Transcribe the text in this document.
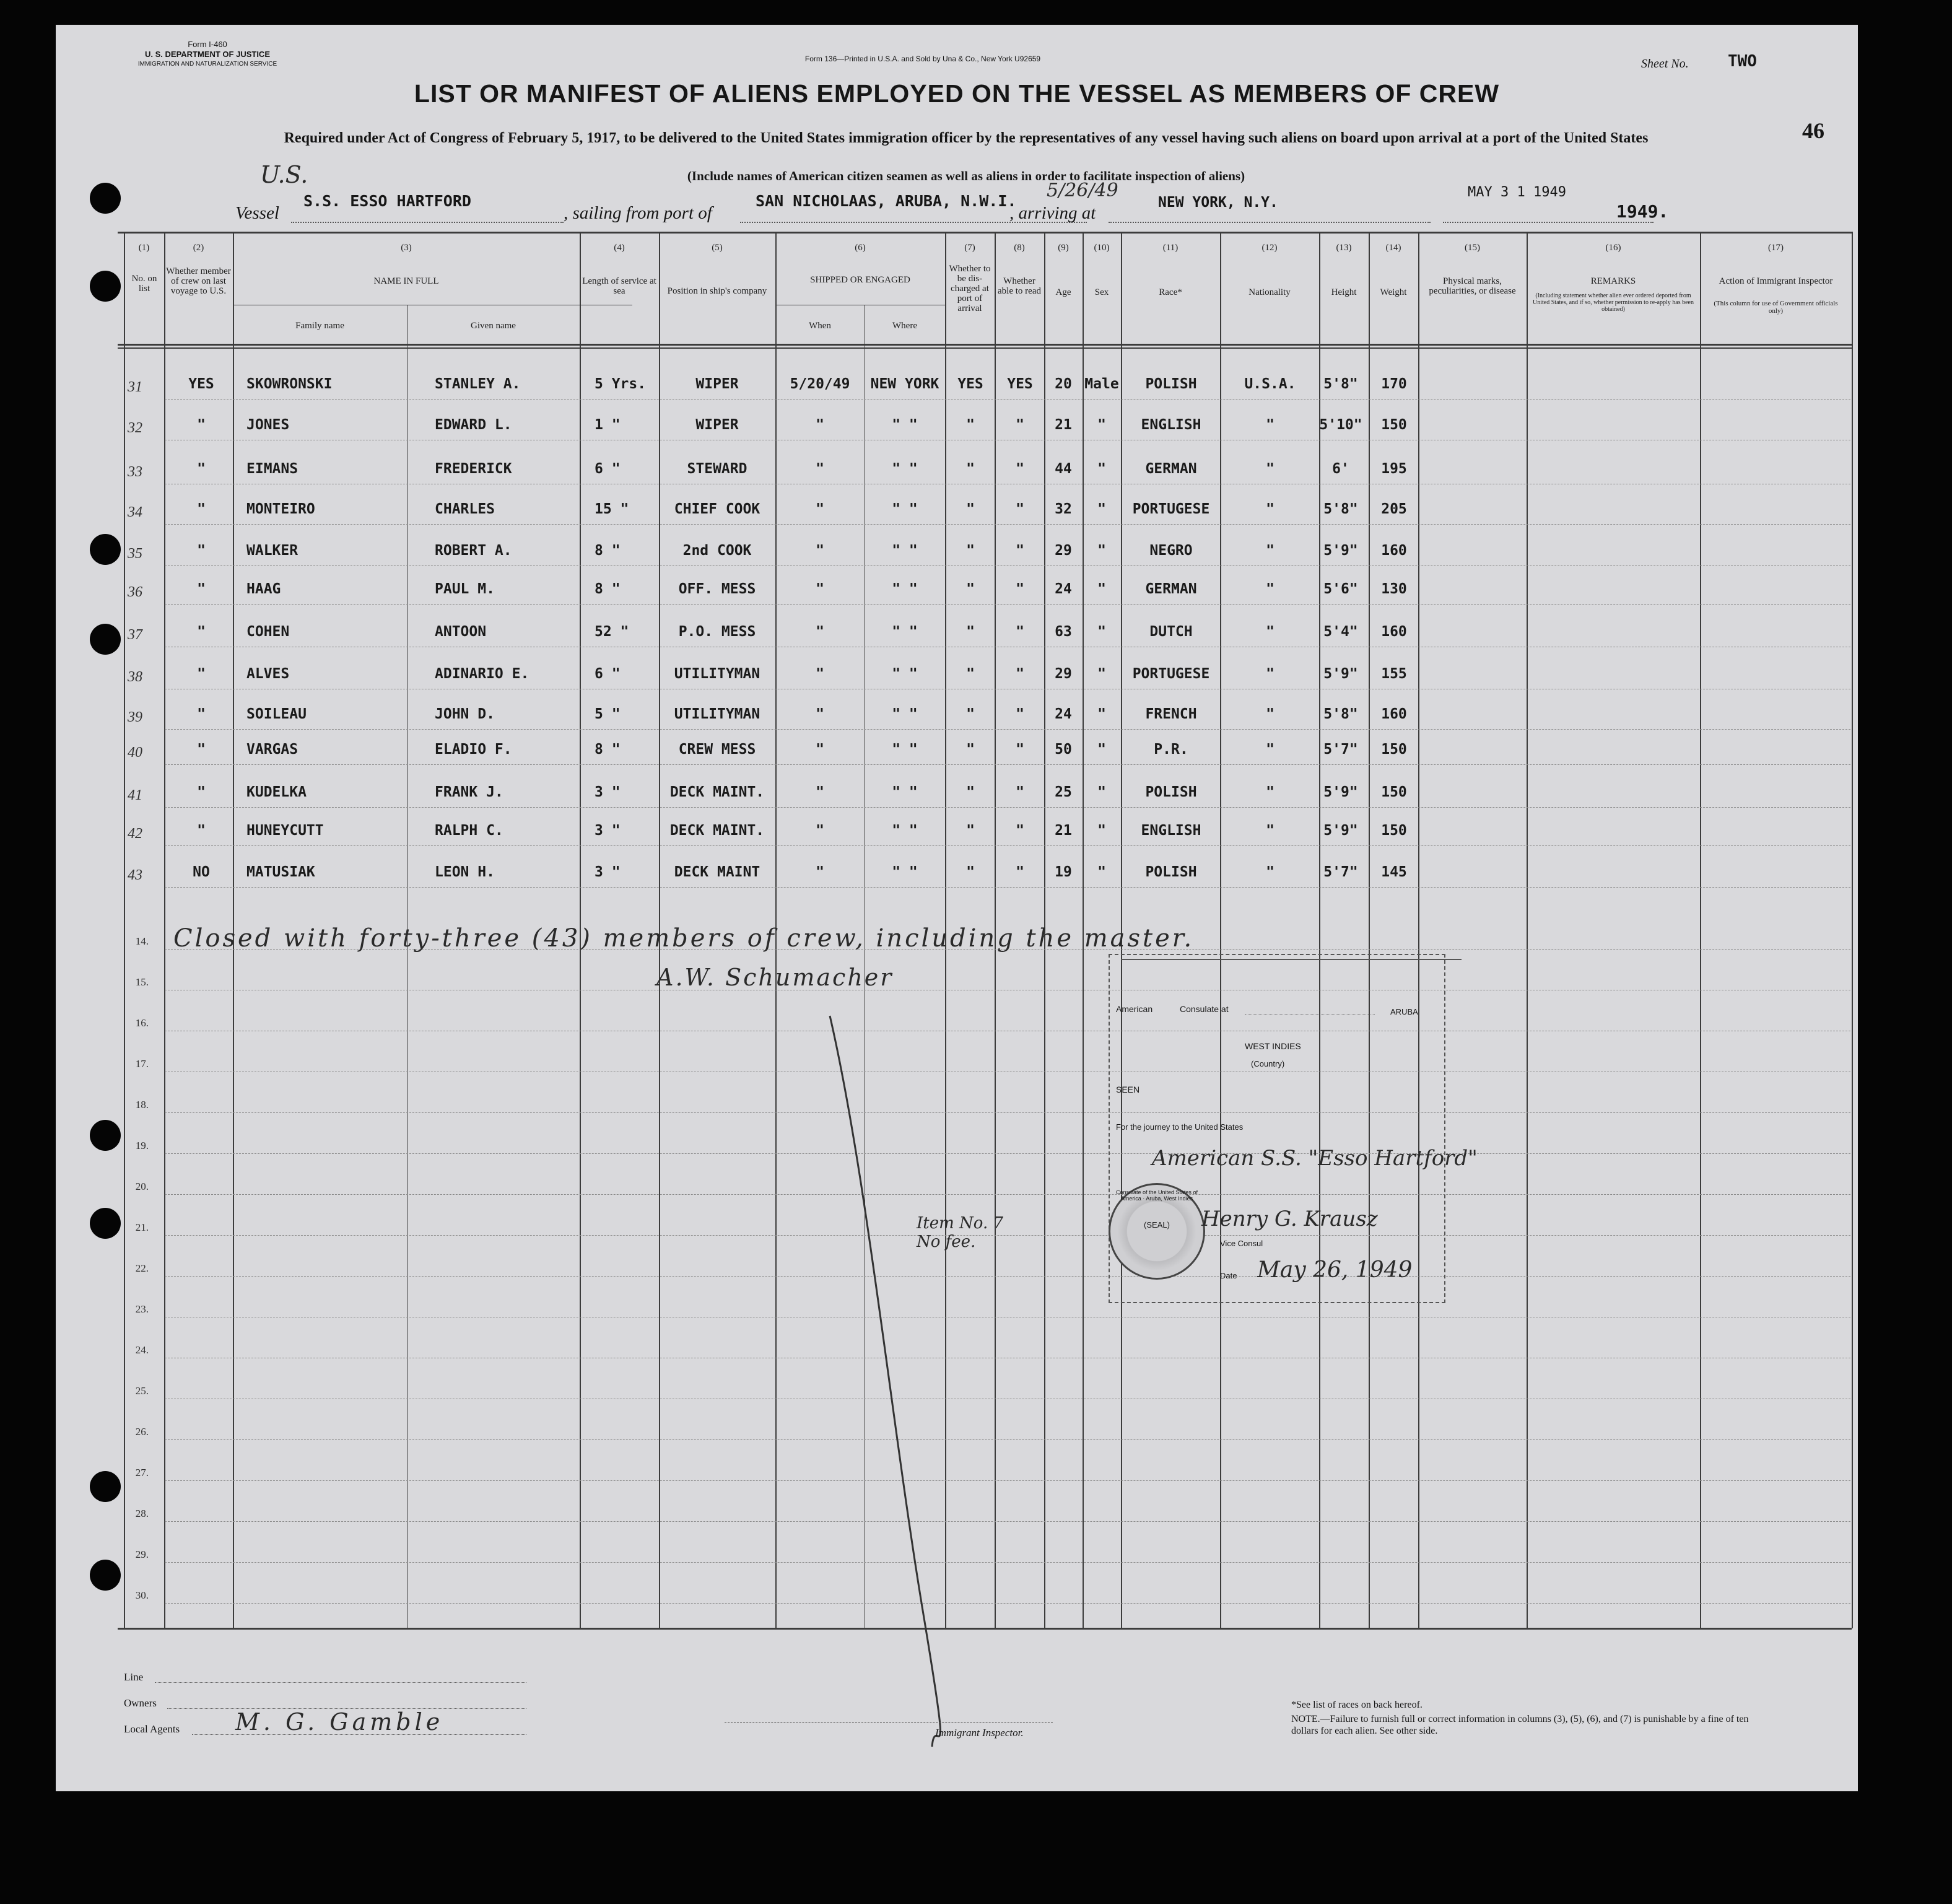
Form I-460
U. S. DEPARTMENT OF JUSTICE
IMMIGRATION AND NATURALIZATION SERVICE
Form 136—Printed in U.S.A. and Sold by Una & Co., New York U92659	Sheet No. TWO
46
LIST OR MANIFEST OF ALIENS EMPLOYED ON THE VESSEL AS MEMBERS OF CREW
Required under Act of Congress of February 5, 1917, to be delivered to the United States immigration officer by the representatives of any vessel having such aliens on board upon arrival at a port of the United States
(Include names of American citizen seamen as well as aliens in order to facilitate inspection of aliens)
U.S.
Vessel
S.S. ESSO HARTFORD
, sailing from port of
SAN NICHOLAAS, ARUBA, N.W.I. 5/26/49
, arriving at
NEW YORK, N.Y.
MAY 3 1 1949
1949.
(1)	(2)	(3)	(4)	(5)	(6)	(7)	(8)	(9)	(10)	(11)	(12)	(13)	(14)	(15)	(16)	(17)
No. on list
Whether member of crew on last voyage to U.S.
NAME IN FULL	Length of service at sea	Position in ship's company
SHIPPED OR ENGAGED
Whether to be dis-charged at port of arrival
Whether able to read	Age	Sex	Race*	Nationality	Height	Weight
Physical marks, peculiarities, or disease
REMARKS	Action of Immigrant Inspector
Family name	Given name	When	Where
(Including statement whether alien ever ordered deported from United States, and if so, whether permission to re-apply has been obtained)
(This column for use of Government officials only)
31	YES	SKOWRONSKI	STANLEY A.	5 Yrs.	WIPER	5/20/49	NEW YORK	YES	YES	20 Male	POLISH	U.S.A.	5'8"	170
32	"	JONES	EDWARD L.	1 "	WIPER	"	" "	"	"	21	"	ENGLISH	"	5'10"	150
33	"	EIMANS	FREDERICK	6 "	STEWARD	"	" "	"	"	44	"	GERMAN	"	6'	195
34	"	MONTEIRO	CHARLES	15 "	CHIEF COOK	"	" "	"	"	32	"	PORTUGESE	"	5'8"	205
35	"	WALKER	ROBERT A.	8 "	2nd COOK	"	" "	"	"	29	"	NEGRO	"	5'9"	160
36	"	HAAG	PAUL M.	8 "	OFF. MESS	"	" "	"	"	24	"	GERMAN	"	5'6"	130
37	"	COHEN	ANTOON	52 "	P.O. MESS	"	" "	"	"	63	"	DUTCH	"	5'4"	160
38	"	ALVES	ADINARIO E.	6 "	UTILITYMAN	"	" "	"	"	29	"	PORTUGESE	"	5'9"	155
39	"	SOILEAU	JOHN D.	5 "	UTILITYMAN	"	" "	"	"	24	"	FRENCH	"	5'8"	160
40	"	VARGAS	ELADIO F.	8 "	CREW MESS	"	" "	"	"	50	"	P.R.	"	5'7"	150
41	"	KUDELKA	FRANK J.	3 "	DECK MAINT.	"	" "	"	"	25	"	POLISH	"	5'9"	150
42	"	HUNEYCUTT	RALPH C.	3 "	DECK MAINT.	"	" "	"	"	21	"	ENGLISH	"	5'9"	150
43	NO	MATUSIAK	LEON H.	3 "	DECK MAINT	"	" "	"	"	19	"	POLISH	"	5'7"	145
14.
15.
16.
17.
18.
19.
20.
21.
22.
23.
24.
25.
26.
27.
28.
29.
30.
Closed with forty-three (43) members of crew, including the master.
A.W. Schumacher
American	Consulate at	ARUBA
WEST INDIES
(Country)
SEEN
For the journey to the United States
American S.S. "Esso Hartford"
Item No. 7 No fee.
Consulate of the United States of America · Aruba, West Indies
(SEAL)	Henry G. Krausz
Vice Consul
Date May 26, 1949
Line
Owners
Local Agents M. G. Gamble	Immigrant Inspector.
*See list of races on back hereof.
NOTE.—Failure to furnish full or correct information in columns (3), (5), (6), and (7) is punishable by a fine of ten dollars for each alien. See other side.
